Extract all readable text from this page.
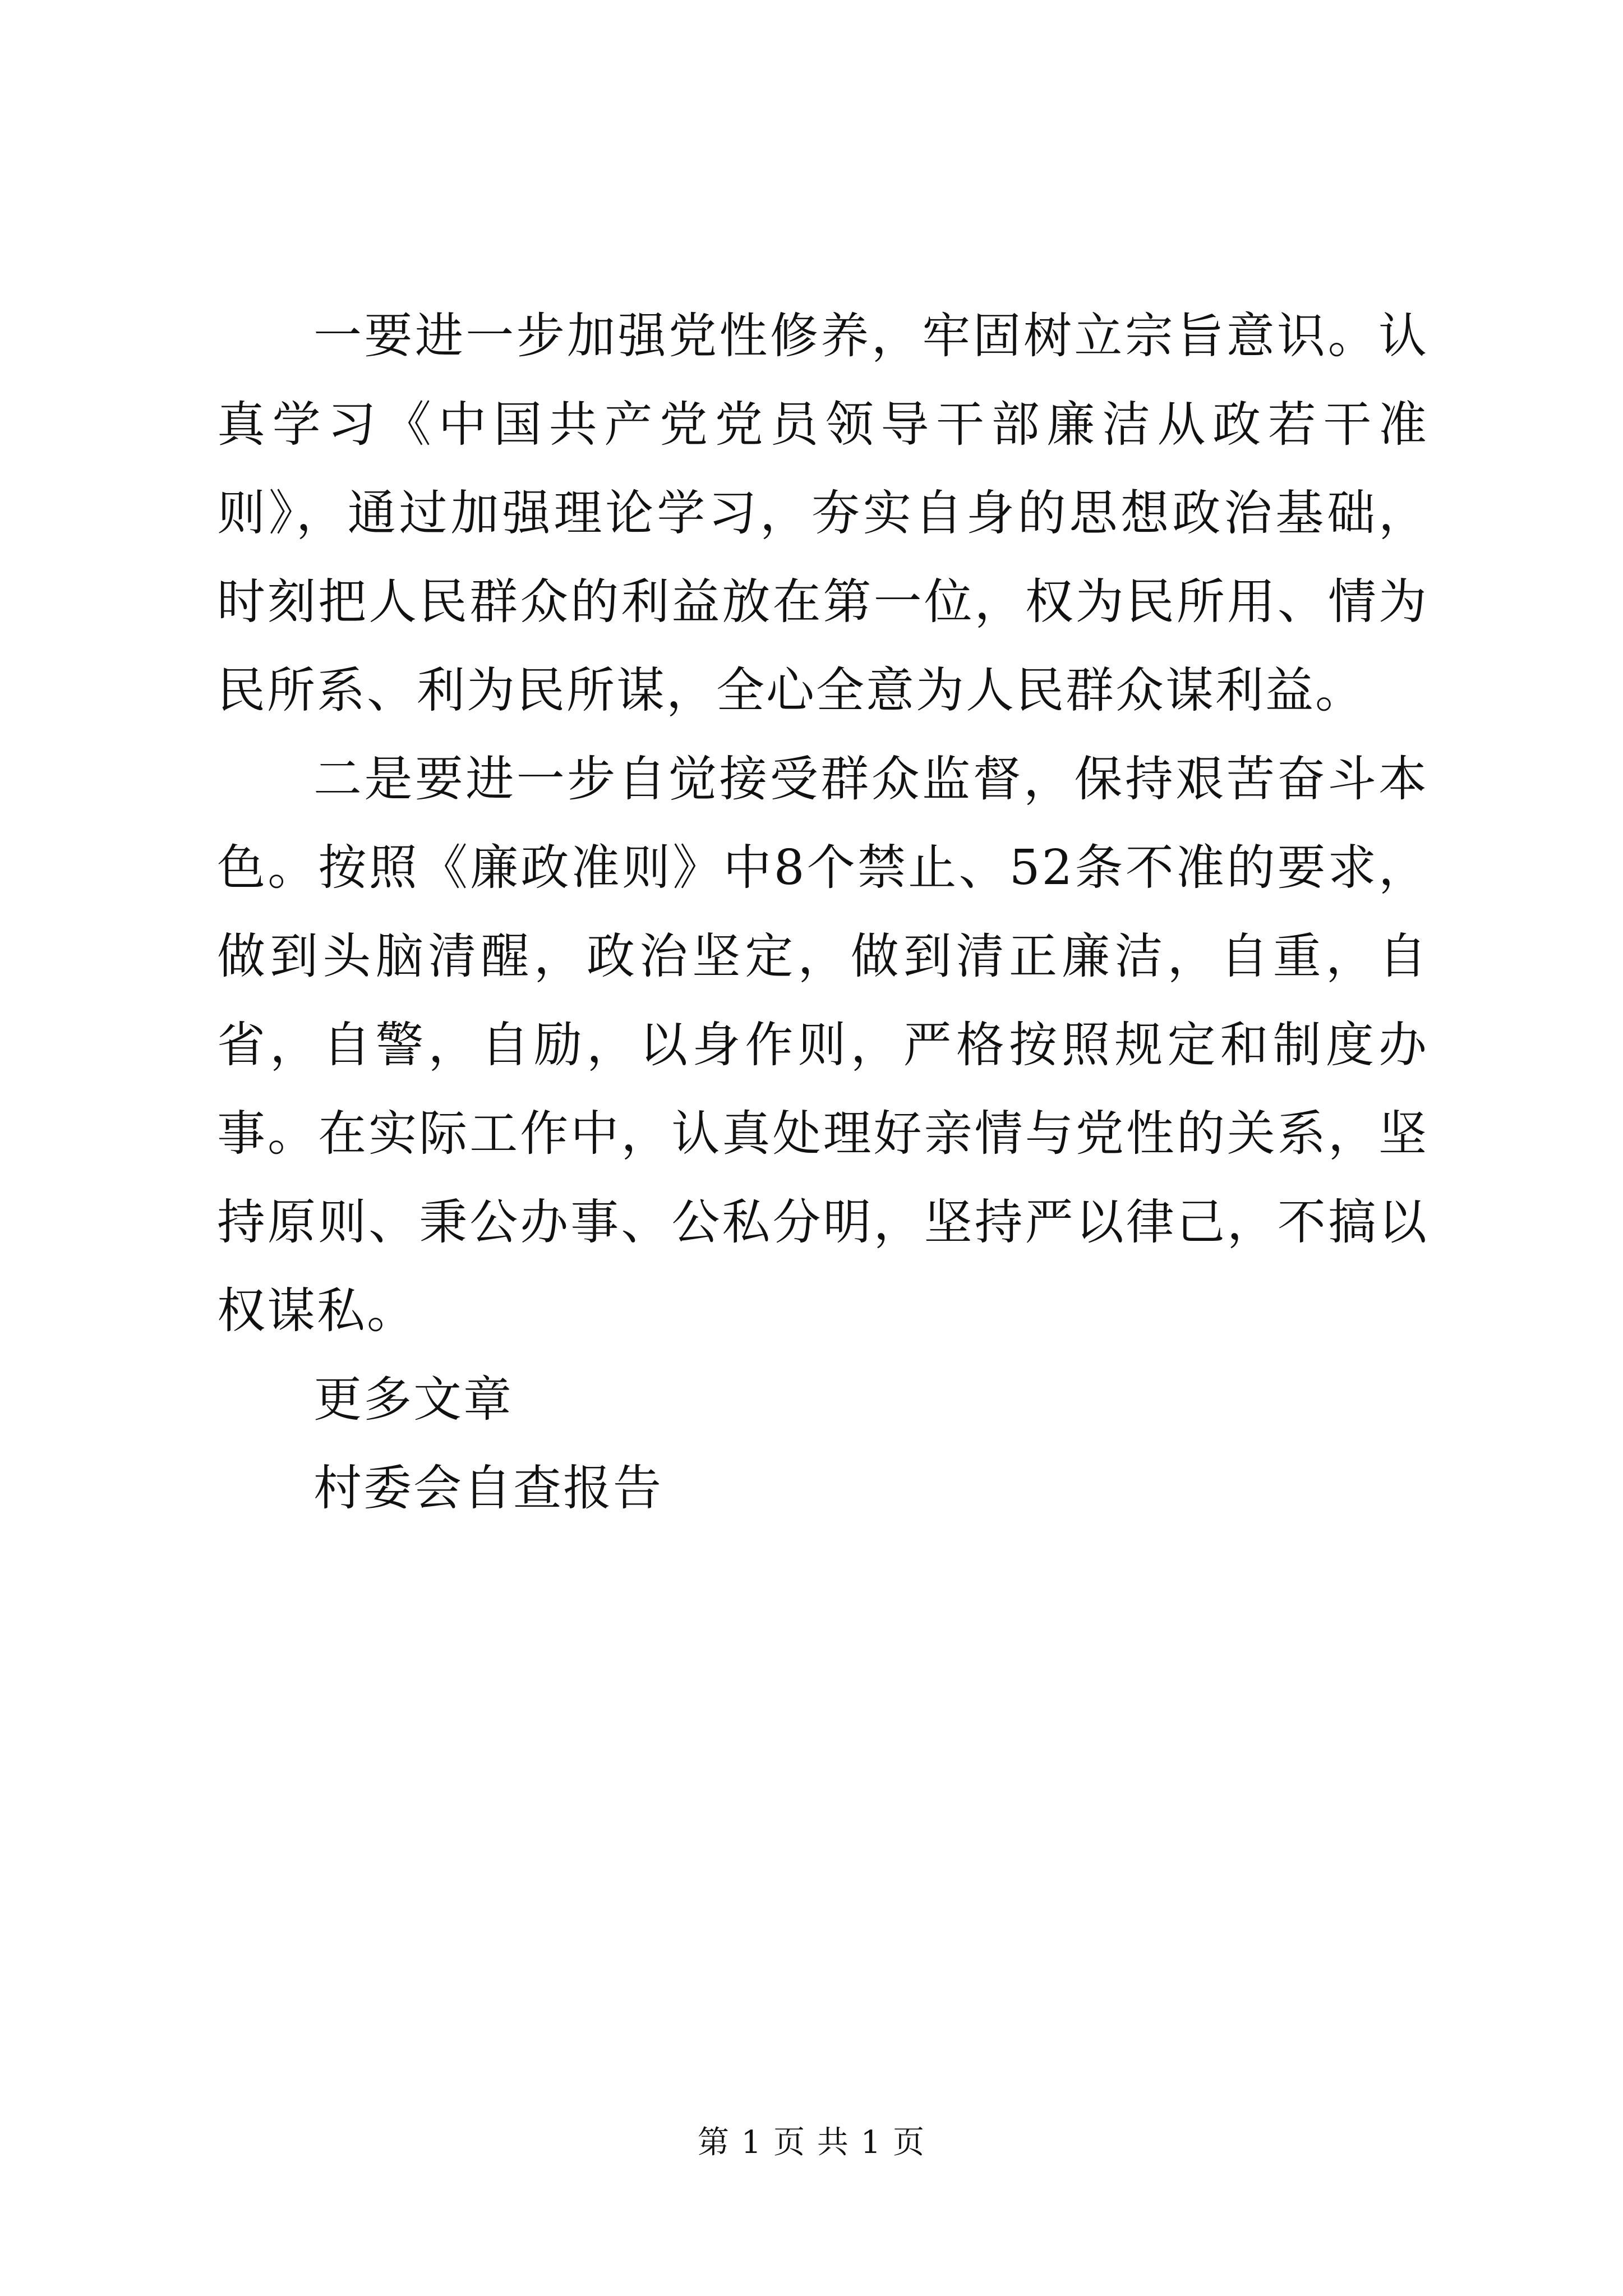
一要进一步加强党性修养，牢固树立宗旨意识。认真学习《中国共产党党员领导干部廉洁从政若干准则》，通过加强理论学习，夯实自身的思想政治基础，时刻把人民群众的利益放在第一位，权为民所用、情为民所系、利为民所谋，全心全意为人民群众谋利益。

二是要进一步自觉接受群众监督，保持艰苦奋斗本色。按照《廉政准则》中8个禁止、52条不准的要求，做到头脑清醒，政治坚定，做到清正廉洁，自重，自省，自警，自励，以身作则，严格按照规定和制度办事。在实际工作中，认真处理好亲情与党性的关系，坚持原则、秉公办事、公私分明，坚持严以律己，不搞以权谋私。

更多文章

村委会自查报告

第 1 页 共 1 页
